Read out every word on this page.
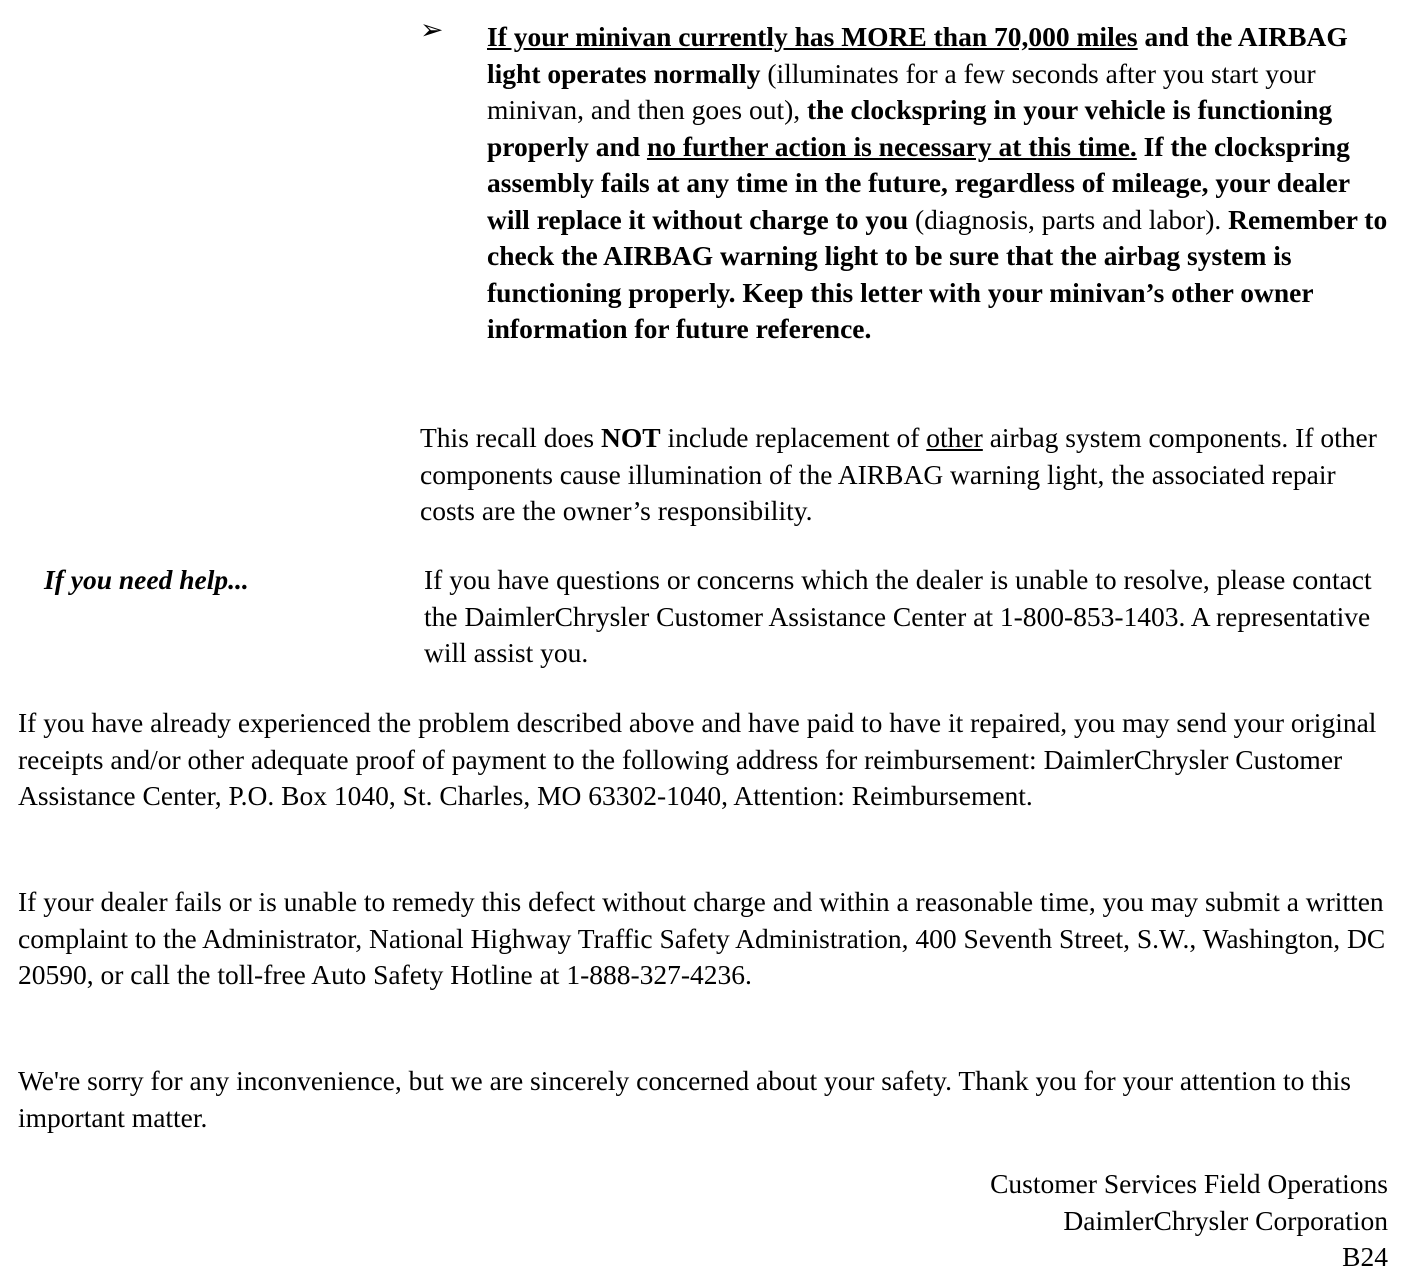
➢ If your minivan currently has MORE than 70,000 miles and the AIRBAG light operates normally (illuminates for a few seconds after you start your minivan, and then goes out), the clockspring in your vehicle is functioning properly and no further action is necessary at this time. If the clockspring assembly fails at any time in the future, regardless of mileage, your dealer will replace it without charge to you (diagnosis, parts and labor). Remember to check the AIRBAG warning light to be sure that the airbag system is functioning properly. Keep this letter with your minivan’s other owner information for future reference.

This recall does NOT include replacement of other airbag system components. If other components cause illumination of the AIRBAG warning light, the associated repair costs are the owner’s responsibility.

If you need help...	If you have questions or concerns which the dealer is unable to resolve, please contact the DaimlerChrysler Customer Assistance Center at 1-800-853-1403. A representative will assist you.

If you have already experienced the problem described above and have paid to have it repaired, you may send your original receipts and/or other adequate proof of payment to the following address for reimbursement: DaimlerChrysler Customer Assistance Center, P.O. Box 1040, St. Charles, MO 63302-1040, Attention: Reimbursement.

If your dealer fails or is unable to remedy this defect without charge and within a reasonable time, you may submit a written complaint to the Administrator, National Highway Traffic Safety Administration, 400 Seventh Street, S.W., Washington, DC 20590, or call the toll-free Auto Safety Hotline at 1-888-327-4236.

We're sorry for any inconvenience, but we are sincerely concerned about your safety. Thank you for your attention to this important matter.

Customer Services Field Operations
DaimlerChrysler Corporation
B24
